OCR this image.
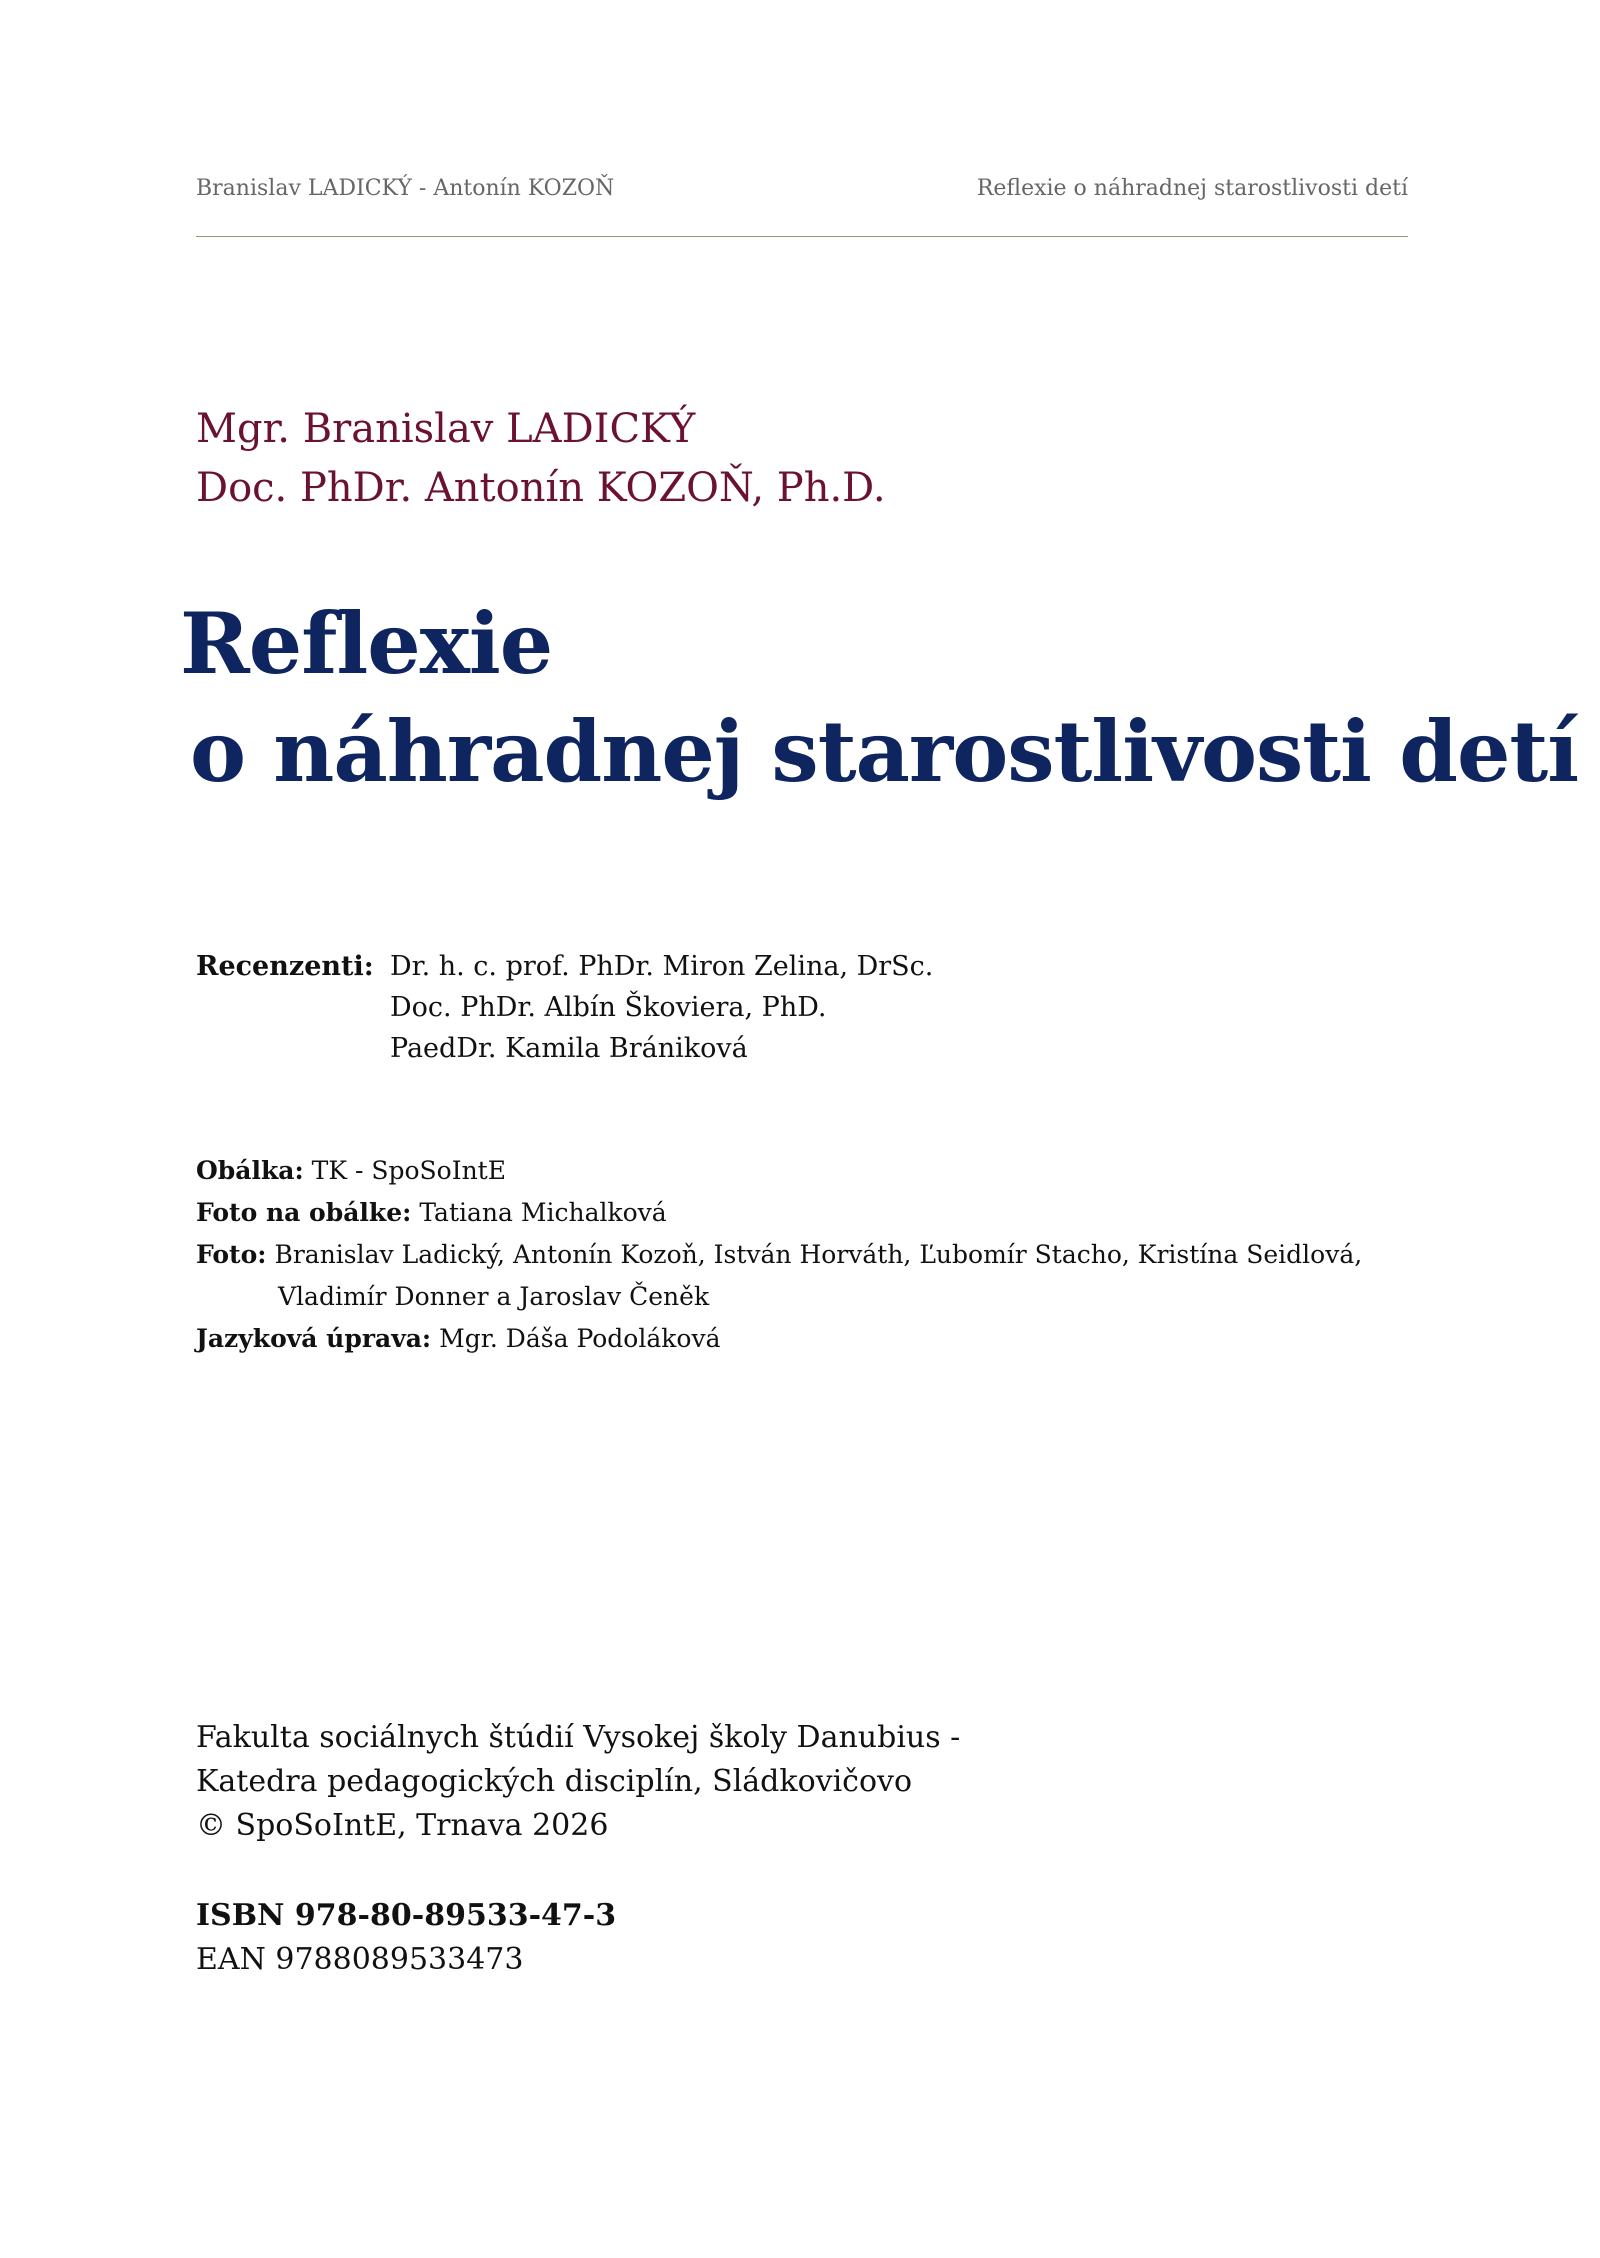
Branislav LADICKÝ - Antonín KOZOŇ	Reflexie o náhradnej starostlivosti detí
Mgr. Branislav LADICKÝ
Doc. PhDr. Antonín KOZOŇ, Ph.D.
Reflexie
o náhradnej starostlivosti detí
Recenzenti: Dr. h. c. prof. PhDr. Miron Zelina, DrSc.
Doc. PhDr. Albín Škoviera, PhD.
PaedDr. Kamila Brániková
Obálka: TK - SpoSoIntE
Foto na obálke: Tatiana Michalková
Foto: Branislav Ladický, Antonín Kozoň, István Horváth, Ľubomír Stacho, Kristína Seidlová,
Vladimír Donner a Jaroslav Čeněk
Jazyková úprava: Mgr. Dáša Podoláková
Fakulta sociálnych štúdií Vysokej školy Danubius -
Katedra pedagogických disciplín, Sládkovičovo
© SpoSoIntE, Trnava 2026
ISBN 978-80-89533-47-3
EAN 9788089533473
